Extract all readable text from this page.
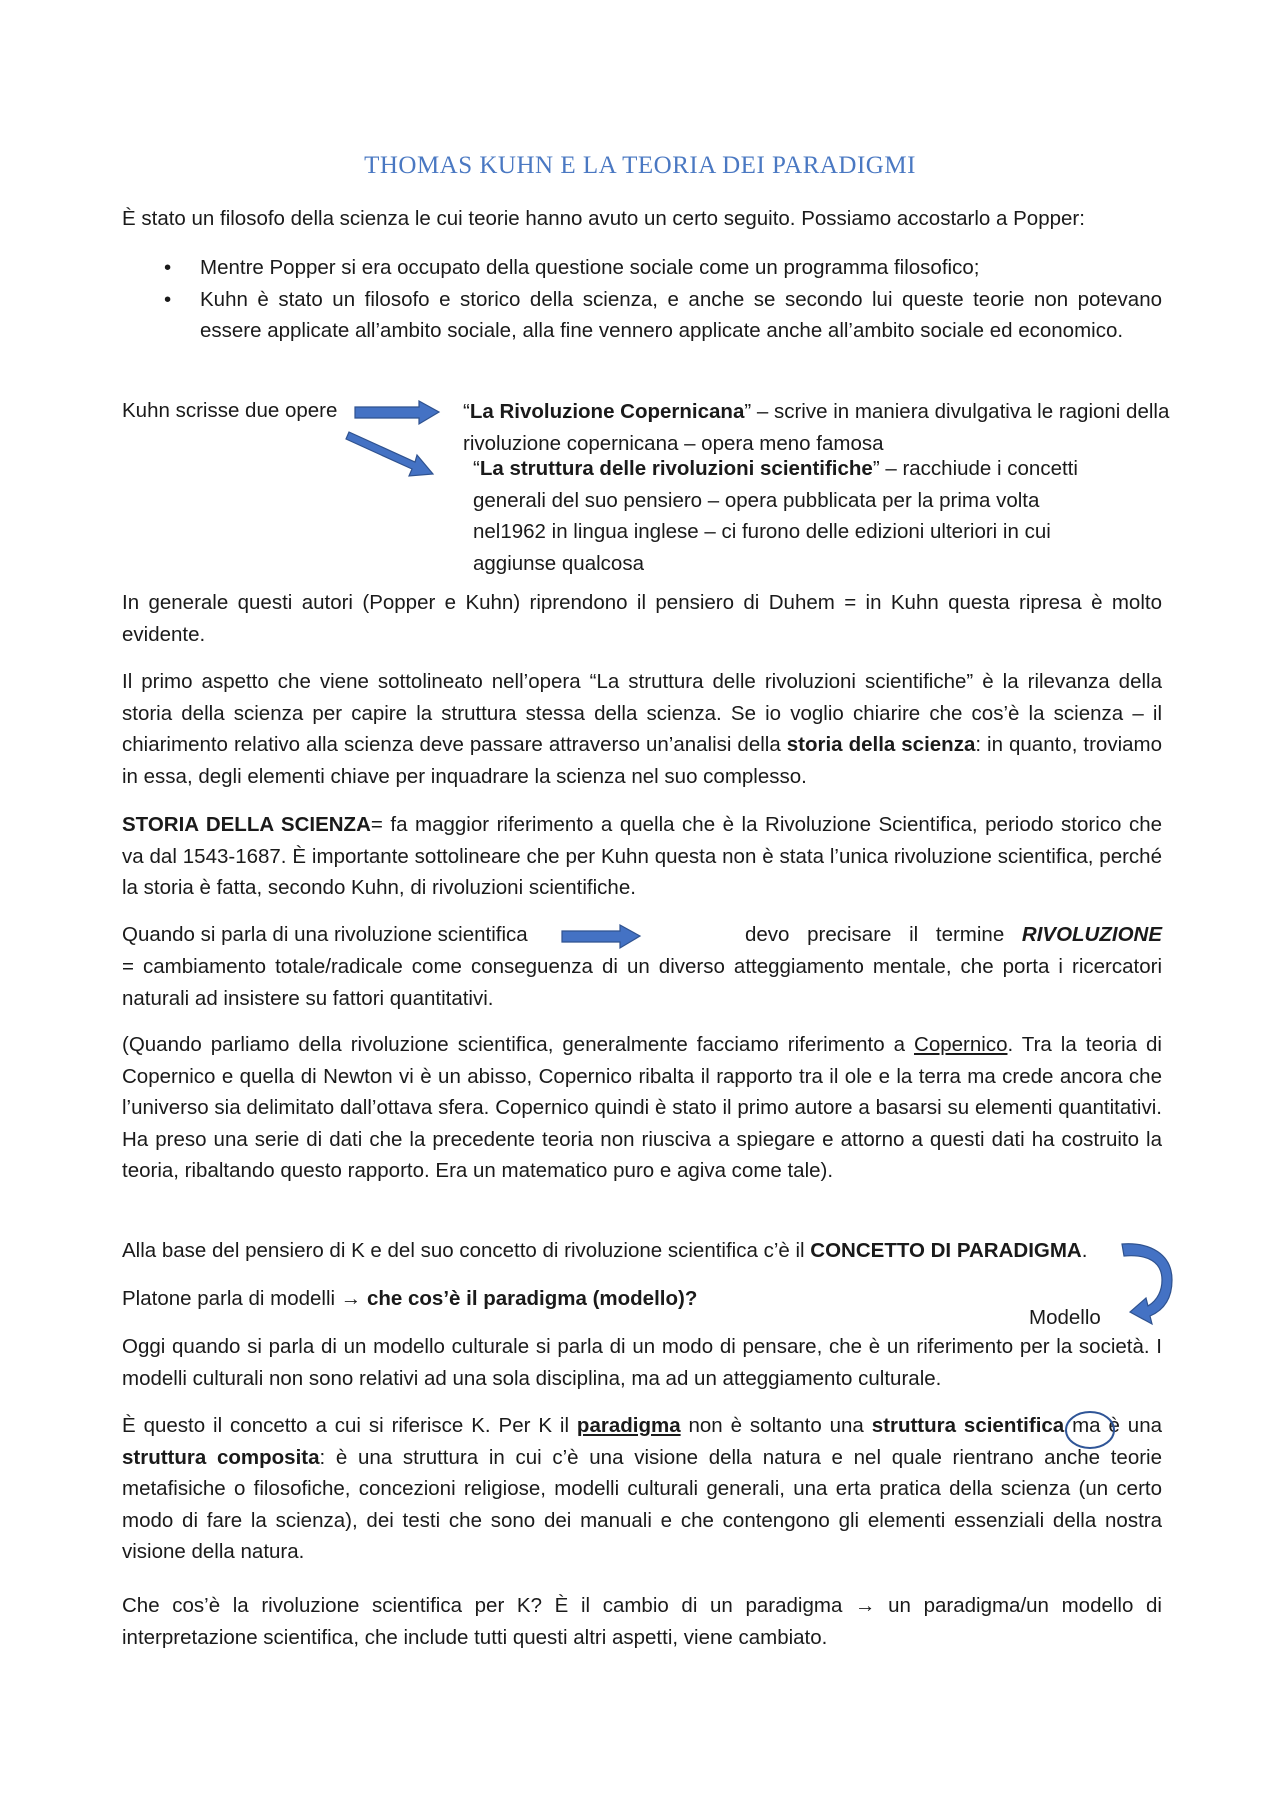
THOMAS KUHN E LA TEORIA DEI PARADIGMI
È stato un filosofo della scienza le cui teorie hanno avuto un certo seguito. Possiamo accostarlo a Popper:
• Mentre Popper si era occupato della questione sociale come un programma filosofico;
• Kuhn è stato un filosofo e storico della scienza, e anche se secondo lui queste teorie non potevano essere applicate all’ambito sociale, alla fine vennero applicate anche all’ambito sociale ed economico.
Kuhn scrisse due opere	“La Rivoluzione Copernicana” – scrive in maniera divulgativa le ragioni della rivoluzione copernicana – opera meno famosa
“La struttura delle rivoluzioni scientifiche” – racchiude i concetti generali del suo pensiero – opera pubblicata per la prima volta nel1962 in lingua inglese – ci furono delle edizioni ulteriori in cui aggiunse qualcosa
In generale questi autori (Popper e Kuhn) riprendono il pensiero di Duhem = in Kuhn questa ripresa è molto evidente.
Il primo aspetto che viene sottolineato nell’opera “La struttura delle rivoluzioni scientifiche” è la rilevanza della storia della scienza per capire la struttura stessa della scienza. Se io voglio chiarire che cos’è la scienza – il chiarimento relativo alla scienza deve passare attraverso un’analisi della storia della scienza: in quanto, troviamo in essa, degli elementi chiave per inquadrare la scienza nel suo complesso.
STORIA DELLA SCIENZA= fa maggior riferimento a quella che è la Rivoluzione Scientifica, periodo storico che va dal 1543-1687. È importante sottolineare che per Kuhn questa non è stata l’unica rivoluzione scientifica, perché la storia è fatta, secondo Kuhn, di rivoluzioni scientifiche.
Quando si parla di una rivoluzione scientifica	devo precisare il termine RIVOLUZIONE
= cambiamento totale/radicale come conseguenza di un diverso atteggiamento mentale, che porta i ricercatori naturali ad insistere su fattori quantitativi.
(Quando parliamo della rivoluzione scientifica, generalmente facciamo riferimento a Copernico. Tra la teoria di Copernico e quella di Newton vi è un abisso, Copernico ribalta il rapporto tra il ole e la terra ma crede ancora che l’universo sia delimitato dall’ottava sfera. Copernico quindi è stato il primo autore a basarsi su elementi quantitativi. Ha preso una serie di dati che la precedente teoria non riusciva a spiegare e attorno a questi dati ha costruito la teoria, ribaltando questo rapporto. Era un matematico puro e agiva come tale).
Alla base del pensiero di K e del suo concetto di rivoluzione scientifica c’è il CONCETTO DI PARADIGMA.
Platone parla di modelli → che cos’è il paradigma (modello)?
Modello
Oggi quando si parla di un modello culturale si parla di un modo di pensare, che è un riferimento per la società. I modelli culturali non sono relativi ad una sola disciplina, ma ad un atteggiamento culturale.
È questo il concetto a cui si riferisce K. Per K il paradigma non è soltanto una struttura scientifica ma è una struttura composita: è una struttura in cui c’è una visione della natura e nel quale rientrano anche teorie metafisiche o filosofiche, concezioni religiose, modelli culturali generali, una erta pratica della scienza (un certo modo di fare la scienza), dei testi che sono dei manuali e che contengono gli elementi essenziali della nostra visione della natura.
Che cos’è la rivoluzione scientifica per K? È il cambio di un paradigma → un paradigma/un modello di interpretazione scientifica, che include tutti questi altri aspetti, viene cambiato.
